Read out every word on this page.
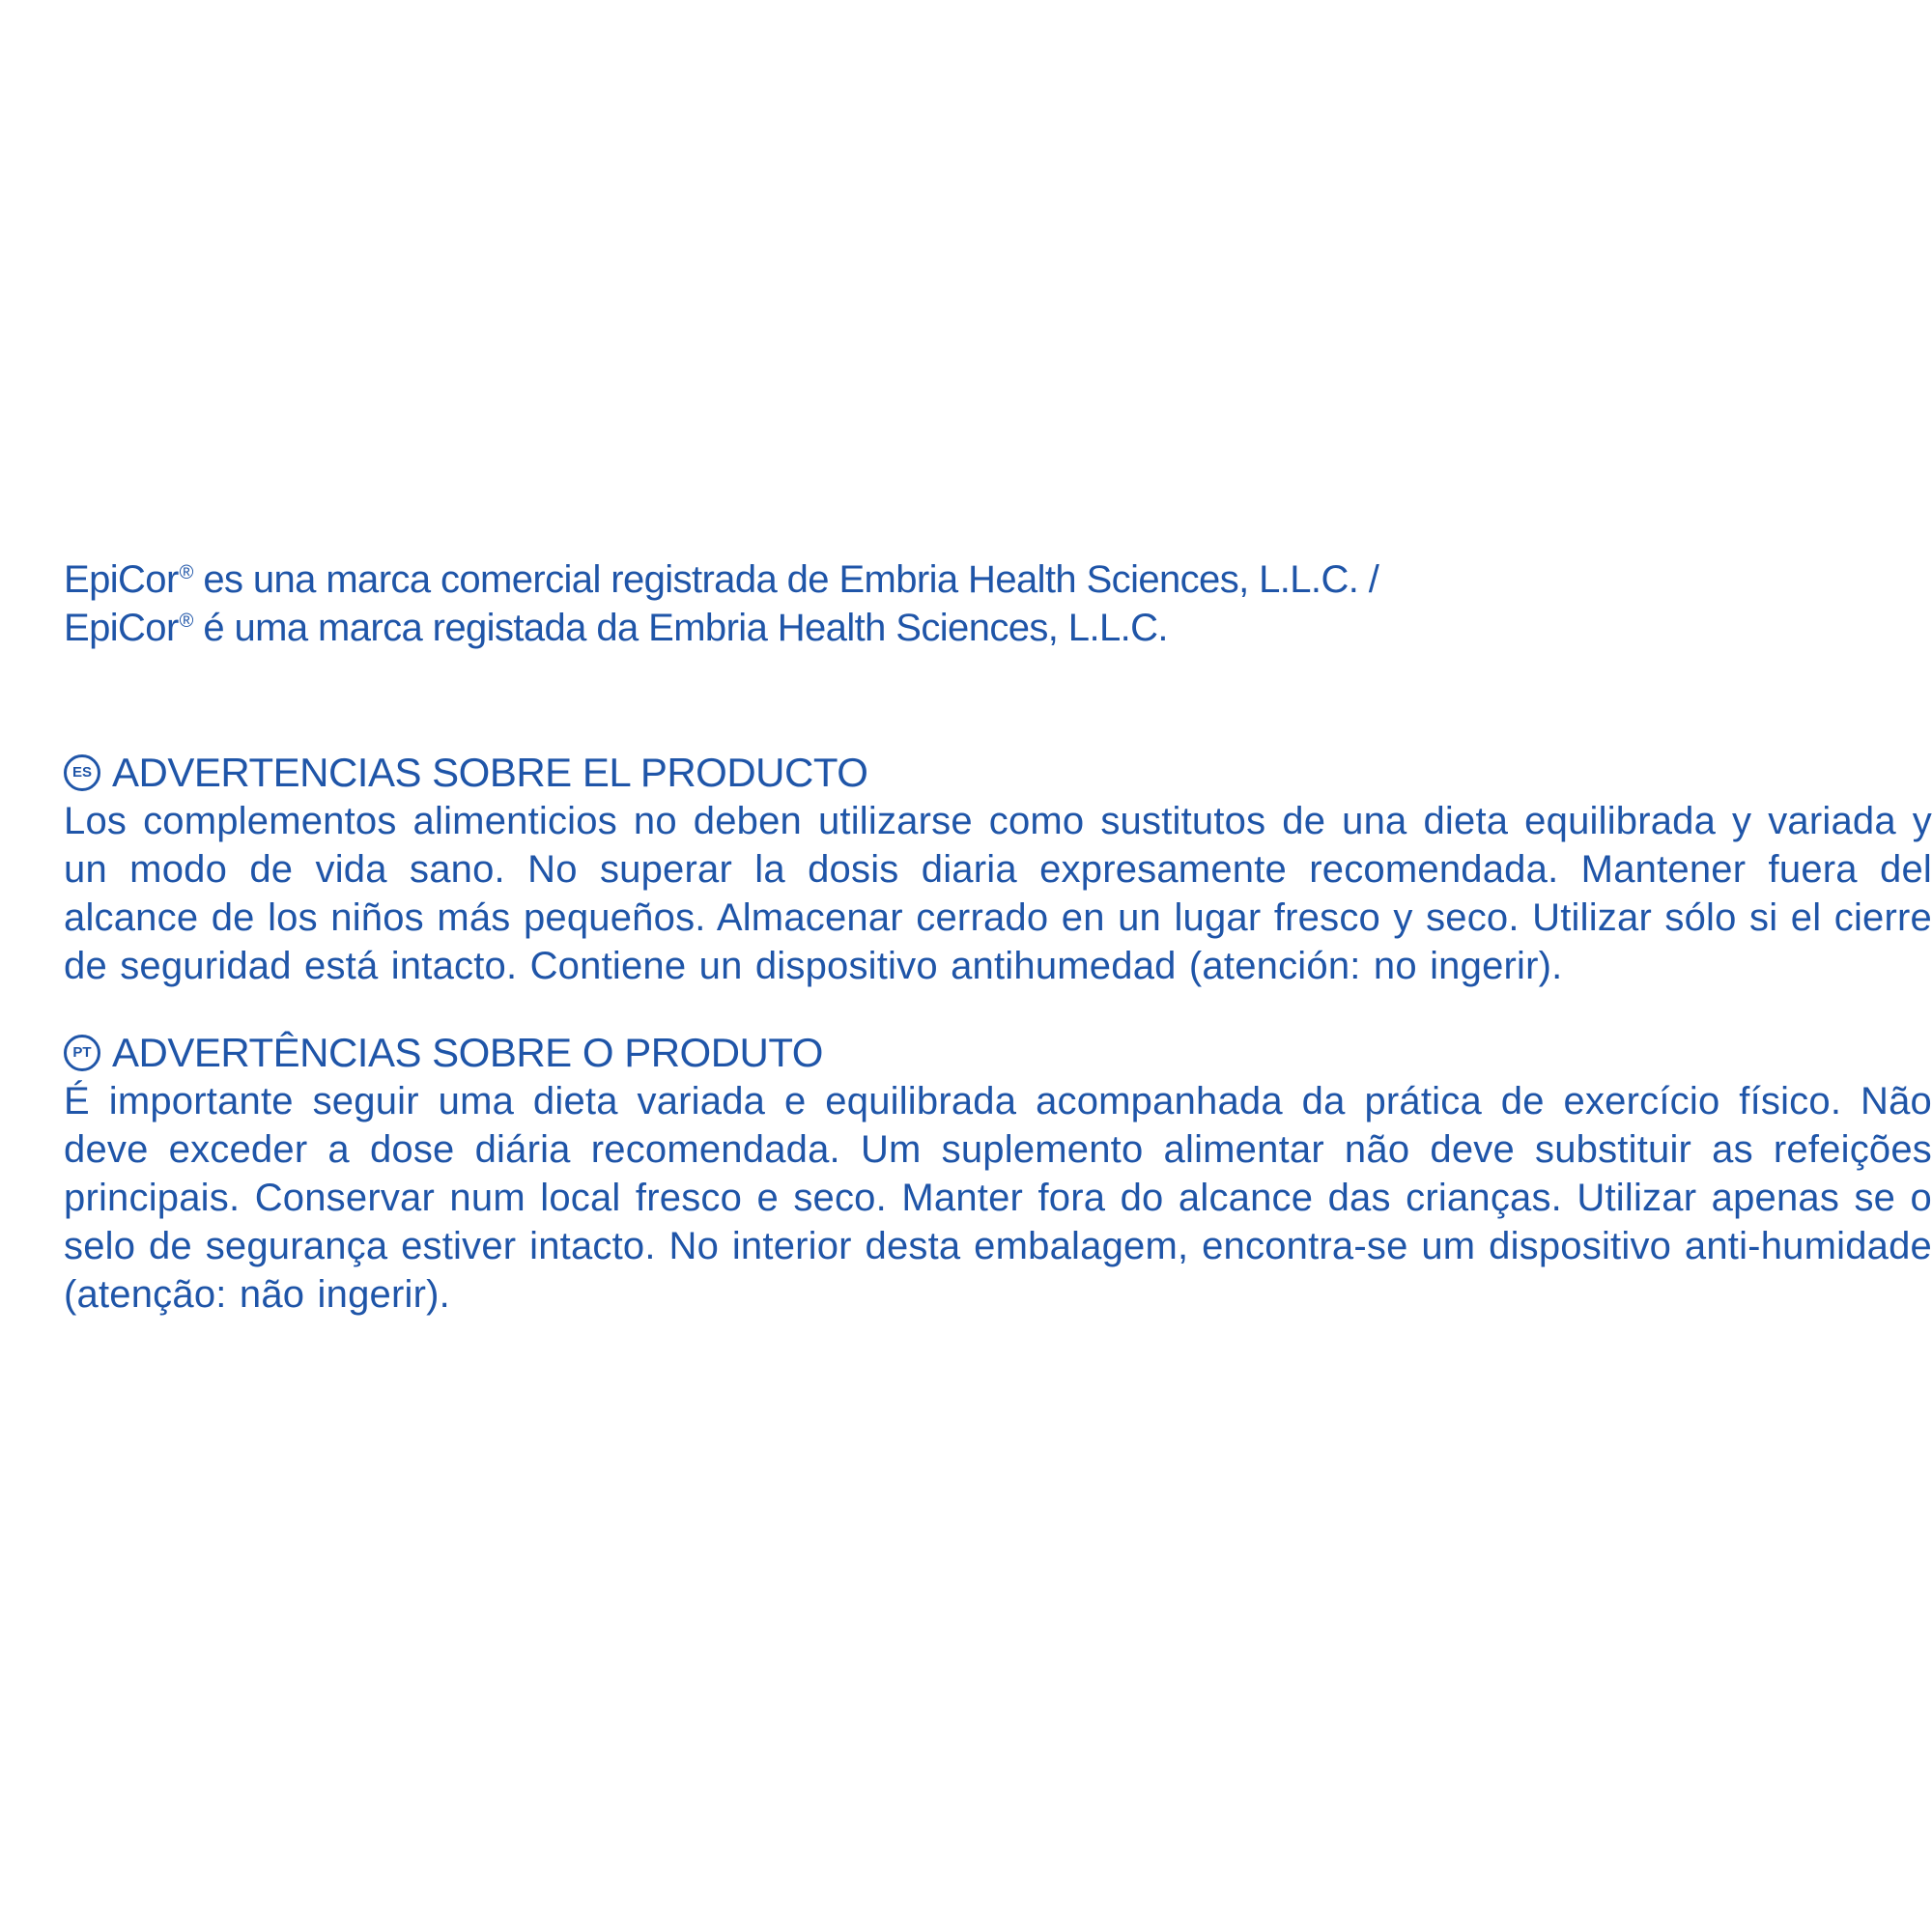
EpiCor® es una marca comercial registrada de Embria Health Sciences, L.L.C. /
EpiCor® é uma marca registada da Embria Health Sciences, L.L.C.
ES ADVERTENCIAS SOBRE EL PRODUCTO
Los complementos alimenticios no deben utilizarse como sustitutos de una dieta equilibrada y variada y un modo de vida sano. No superar la dosis diaria expresamente recomendada. Mantener fuera del alcance de los niños más pequeños. Almacenar cerrado en un lugar fresco y seco. Utilizar sólo si el cierre de seguridad está intacto. Contiene un dispositivo antihumedad (atención: no ingerir).
PT ADVERTÊNCIAS SOBRE O PRODUTO
É importante seguir uma dieta variada e equilibrada acompanhada da prática de exercício físico. Não deve exceder a dose diária recomendada. Um suplemento alimentar não deve substituir as refeições principais. Conservar num local fresco e seco. Manter fora do alcance das crianças. Utilizar apenas se o selo de segurança estiver intacto. No interior desta embalagem, encontra-se um dispositivo anti-humidade (atenção: não ingerir).
